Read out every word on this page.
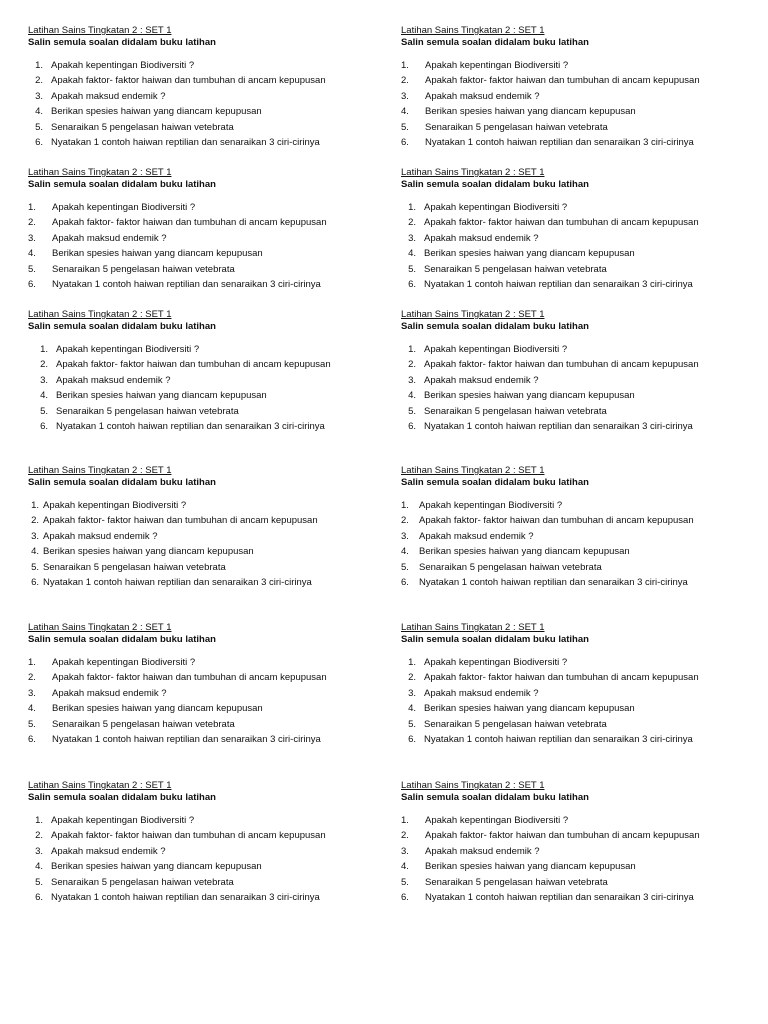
Latihan Sains Tingkatan 2 : SET 1
Salin semula soalan didalam buku latihan
1. Apakah kepentingan Biodiversiti ?
2. Apakah faktor- faktor haiwan dan tumbuhan di ancam kepupusan
3. Apakah maksud endemik ?
4. Berikan spesies haiwan yang diancam kepupusan
5. Senaraikan 5 pengelasan haiwan vetebrata
6. Nyatakan 1 contoh haiwan reptilian dan senaraikan 3 ciri-cirinya
Latihan Sains Tingkatan 2 : SET 1
Salin semula soalan didalam buku latihan
1. Apakah kepentingan Biodiversiti ?
2. Apakah faktor- faktor haiwan dan tumbuhan di ancam kepupusan
3. Apakah maksud endemik ?
4. Berikan spesies haiwan yang diancam kepupusan
5. Senaraikan 5 pengelasan haiwan vetebrata
6. Nyatakan 1 contoh haiwan reptilian dan senaraikan 3 ciri-cirinya
Latihan Sains Tingkatan 2 : SET 1
Salin semula soalan didalam buku latihan
1. Apakah kepentingan Biodiversiti ?
2. Apakah faktor- faktor haiwan dan tumbuhan di ancam kepupusan
3. Apakah maksud endemik ?
4. Berikan spesies haiwan yang diancam kepupusan
5. Senaraikan 5 pengelasan haiwan vetebrata
6. Nyatakan 1 contoh haiwan reptilian dan senaraikan 3 ciri-cirinya
Latihan Sains Tingkatan 2 : SET 1
Salin semula soalan didalam buku latihan
1. Apakah kepentingan Biodiversiti ?
2. Apakah faktor- faktor haiwan dan tumbuhan di ancam kepupusan
3. Apakah maksud endemik ?
4. Berikan spesies haiwan yang diancam kepupusan
5. Senaraikan 5 pengelasan haiwan vetebrata
6. Nyatakan 1 contoh haiwan reptilian dan senaraikan 3 ciri-cirinya
Latihan Sains Tingkatan 2 : SET 1
Salin semula soalan didalam buku latihan
1. Apakah kepentingan Biodiversiti ?
2. Apakah faktor- faktor haiwan dan tumbuhan di ancam kepupusan
3. Apakah maksud endemik ?
4. Berikan spesies haiwan yang diancam kepupusan
5. Senaraikan 5 pengelasan haiwan vetebrata
6. Nyatakan 1 contoh haiwan reptilian dan senaraikan 3 ciri-cirinya
Latihan Sains Tingkatan 2 : SET 1
Salin semula soalan didalam buku latihan
1. Apakah kepentingan Biodiversiti ?
2. Apakah faktor- faktor haiwan dan tumbuhan di ancam kepupusan
3. Apakah maksud endemik ?
4. Berikan spesies haiwan yang diancam kepupusan
5. Senaraikan 5 pengelasan haiwan vetebrata
6. Nyatakan 1 contoh haiwan reptilian dan senaraikan 3 ciri-cirinya
Latihan Sains Tingkatan 2 : SET 1
Salin semula soalan didalam buku latihan
1. Apakah kepentingan Biodiversiti ?
2. Apakah faktor- faktor haiwan dan tumbuhan di ancam kepupusan
3. Apakah maksud endemik ?
4. Berikan spesies haiwan yang diancam kepupusan
5. Senaraikan 5 pengelasan haiwan vetebrata
6. Nyatakan 1 contoh haiwan reptilian dan senaraikan 3 ciri-cirinya
Latihan Sains Tingkatan 2 : SET 1
Salin semula soalan didalam buku latihan
1.	Apakah kepentingan Biodiversiti ?
2.	Apakah faktor- faktor haiwan dan tumbuhan di ancam kepupusan
3.	Apakah maksud endemik ?
4.	Berikan spesies haiwan yang diancam kepupusan
5.	Senaraikan 5 pengelasan haiwan vetebrata
6.	Nyatakan 1 contoh haiwan reptilian dan senaraikan 3 ciri-cirinya
Latihan Sains Tingkatan 2 : SET 1
Salin semula soalan didalam buku latihan
1. Apakah kepentingan Biodiversiti ?
2. Apakah faktor- faktor haiwan dan tumbuhan di ancam kepupusan
3. Apakah maksud endemik ?
4. Berikan spesies haiwan yang diancam kepupusan
5. Senaraikan 5 pengelasan haiwan vetebrata
6. Nyatakan 1 contoh haiwan reptilian dan senaraikan 3 ciri-cirinya
Latihan Sains Tingkatan 2 : SET 1
Salin semula soalan didalam buku latihan
1. Apakah kepentingan Biodiversiti ?
2. Apakah faktor- faktor haiwan dan tumbuhan di ancam kepupusan
3. Apakah maksud endemik ?
4. Berikan spesies haiwan yang diancam kepupusan
5. Senaraikan 5 pengelasan haiwan vetebrata
6. Nyatakan 1 contoh haiwan reptilian dan senaraikan 3 ciri-cirinya
Latihan Sains Tingkatan 2 : SET 1
Salin semula soalan didalam buku latihan
1. Apakah kepentingan Biodiversiti ?
2. Apakah faktor- faktor haiwan dan tumbuhan di ancam kepupusan
3. Apakah maksud endemik ?
4. Berikan spesies haiwan yang diancam kepupusan
5. Senaraikan 5 pengelasan haiwan vetebrata
6. Nyatakan 1 contoh haiwan reptilian dan senaraikan 3 ciri-cirinya
Latihan Sains Tingkatan 2 : SET 1
Salin semula soalan didalam buku latihan
1. Apakah kepentingan Biodiversiti ?
2. Apakah faktor- faktor haiwan dan tumbuhan di ancam kepupusan
3. Apakah maksud endemik ?
4. Berikan spesies haiwan yang diancam kepupusan
5. Senaraikan 5 pengelasan haiwan vetebrata
6. Nyatakan 1 contoh haiwan reptilian dan senaraikan 3 ciri-cirinya
